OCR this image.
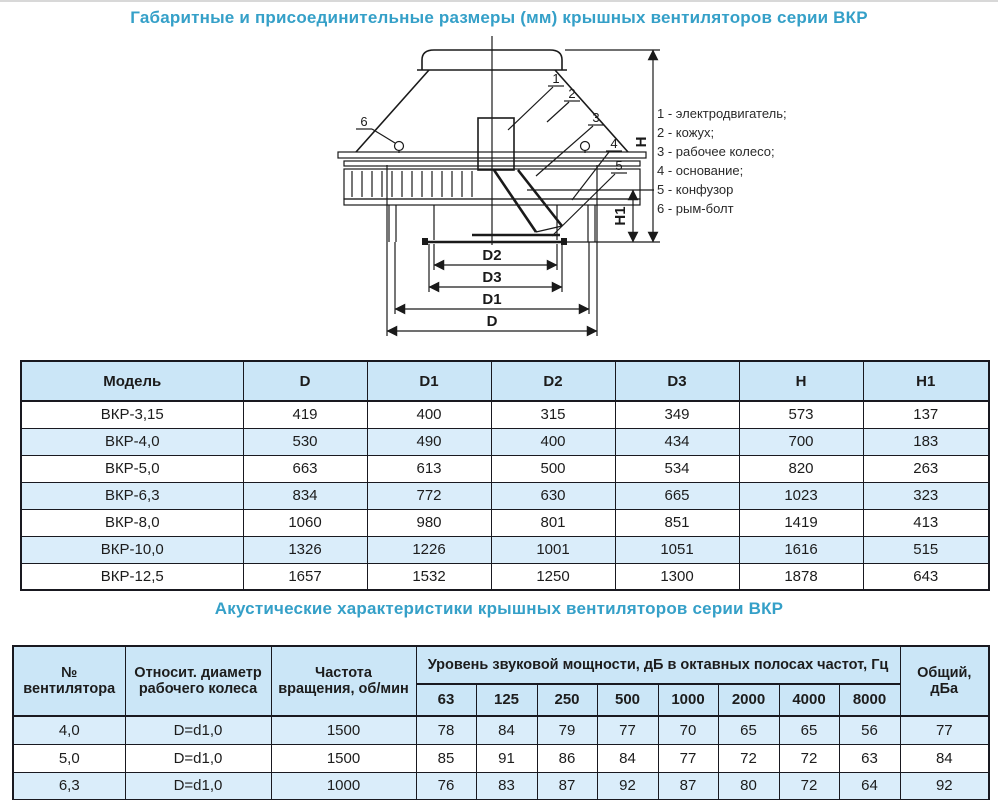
Габаритные и присоединительные размеры (мм) крышных вентиляторов серии ВКР
D2
D3
D1
D
H
H1
1
2
3
4
5
6
1 - электродвигатель;
2 - кожух;
3 - рабочее колесо;
4 - основание;
5 - конфузор
6 - рым-болт
Модель	D	D1	D2	D3	H	H1
ВКР-3,15	419	400	315	349	573	137
ВКР-4,0	530	490	400	434	700	183
ВКР-5,0	663	613	500	534	820	263
ВКР-6,3	834	772	630	665	1023	323
ВКР-8,0	1060	980	801	851	1419	413
ВКР-10,0	1326	1226	1001	1051	1616	515
ВКР-12,5	1657	1532	1250	1300	1878	643
Акустические характеристики крышных вентиляторов серии ВКР
№ вентилятора	Относит. диаметр рабочего колеса	Частота вращения, об/мин	Уровень звуковой мощности, дБ в октавных полосах частот, Гц								Общий, дБа
			63	125	250	500	1000	2000	4000	8000	
4,0	D=d1,0	1500	78	84	79	77	70	65	65	56	77
5,0	D=d1,0	1500	85	91	86	84	77	72	72	63	84
6,3	D=d1,0	1000	76	83	87	92	87	80	72	64	92
